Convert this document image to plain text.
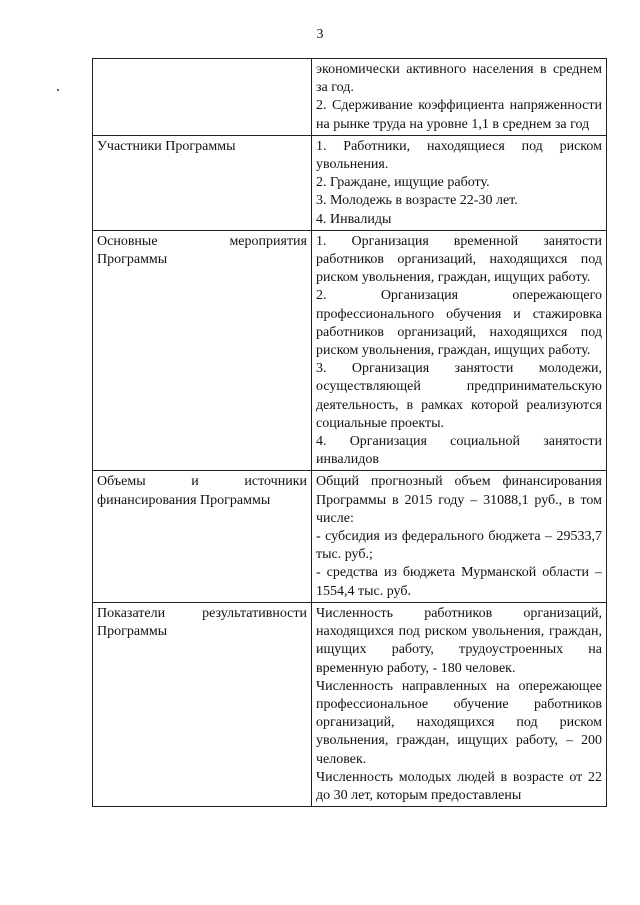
3

	экономически активного населения в среднем за год.

2. Сдерживание коэффициента напряженности на рынке труда на уровне 1,1 в среднем за год

Участники Программы	1. Работники, находящиеся под риском увольнения.

2. Граждане, ищущие работу.

3. Молодежь в возрасте 22-30 лет.

4. Инвалиды

Основные мероприятия Программы	1. Организация временной занятости работников организаций, находящихся под риском увольнения, граждан, ищущих работу.

2. Организация опережающего профессионального обучения и стажировка работников организаций, находящихся под риском увольнения, граждан, ищущих работу.

3. Организация занятости молодежи, осуществляющей предпринимательскую деятельность, в рамках которой реализуются социальные проекты.

4. Организация социальной занятости инвалидов

Объемы и источники финансирования Программы	Общий прогнозный объем финансирования Программы в 2015 году – 31088,1 руб., в том числе:

- субсидия из федерального бюджета – 29533,7 тыс. руб.;

- средства из бюджета Мурманской области – 1554,4 тыс. руб.

Показатели результативности Программы	Численность работников организаций, находящихся под риском увольнения, граждан, ищущих работу, трудоустроенных на временную работу, - 180 человек.

Численность направленных на опережающее профессиональное обучение работников организаций, находящихся под риском увольнения, граждан, ищущих работу, – 200 человек.

Численность молодых людей в возрасте от 22 до 30 лет, которым предоставлены
